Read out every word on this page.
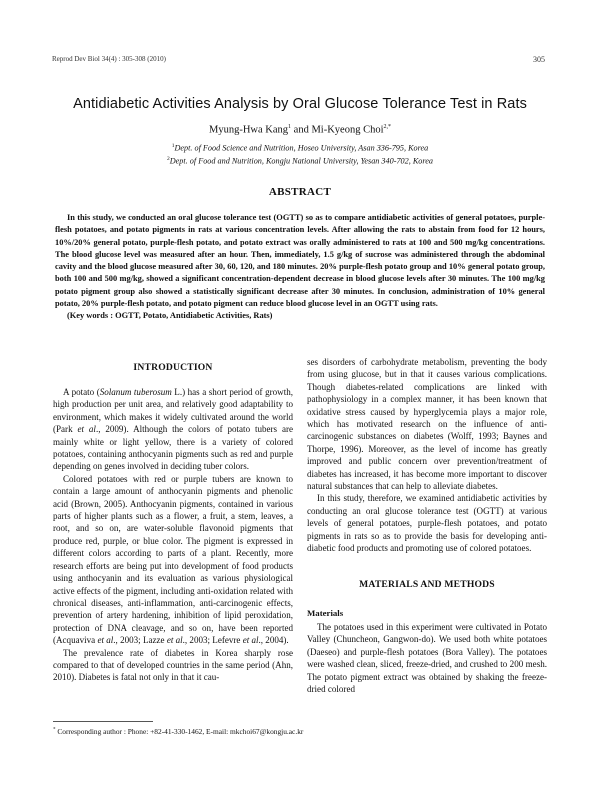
Reprod Dev Biol 34(4) : 305-308 (2010)	305
Antidiabetic Activities Analysis by Oral Glucose Tolerance Test in Rats
Myung-Hwa Kang$^1$ and Mi-Kyeong Choi$^{2,*}$
$^1$Dept. of Food Science and Nutrition, Hoseo University, Asan 336-795, Korea
$^2$Dept. of Food and Nutrition, Kongju National University, Yesan 340-702, Korea
ABSTRACT

In this study, we conducted an oral glucose tolerance test (OGTT) so as to compare antidiabetic activities of general potatoes, purple-flesh potatoes, and potato pigments in rats at various concentration levels. After allowing the rats to abstain from food for 12 hours, 10%/20% general potato, purple-flesh potato, and potato extract was orally administered to rats at 100 and 500 mg/kg concentrations. The blood glucose level was measured after an hour. Then, immediately, 1.5 g/kg of sucrose was administered through the abdominal cavity and the blood glucose measured after 30, 60, 120, and 180 minutes. 20% purple-flesh potato group and 10% general potato group, both 100 and 500 mg/kg, showed a significant concentration-dependent decrease in blood glucose levels after 30 minutes. The 100 mg/kg potato pigment group also showed a statistically significant decrease after 30 minutes. In conclusion, administration of 10% general potato, 20% purple-flesh potato, and potato pigment can reduce blood glucose level in an OGTT using rats.

(Key words : OGTT, Potato, Antidiabetic Activities, Rats)

INTRODUCTION

A potato (Solanum tuberosum L.) has a short period of growth, high production per unit area, and relatively good adaptability to environment, which makes it widely cultivated around the world (Park et al., 2009). Although the colors of potato tubers are mainly white or light yellow, there is a variety of colored potatoes, containing anthocyanin pigments such as red and purple depending on genes involved in deciding tuber colors.

Colored potatoes with red or purple tubers are known to contain a large amount of anthocyanin pigments and phenolic acid (Brown, 2005). Anthocyanin pigments, contained in various parts of higher plants such as a flower, a fruit, a stem, leaves, a root, and so on, are water-soluble flavonoid pigments that produce red, purple, or blue color. The pigment is expressed in different colors according to parts of a plant. Recently, more research efforts are being put into development of food products using anthocyanin and its evaluation as various physiological active effects of the pigment, including anti-oxidation related with chronical diseases, anti-inflammation, anti-carcinogenic effects, prevention of artery hardening, inhibition of lipid peroxidation, protection of DNA cleavage, and so on, have been reported (Acquaviva et al., 2003; Lazze et al., 2003; Lefevre et al., 2004).

The prevalence rate of diabetes in Korea sharply rose compared to that of developed countries in the same period (Ahn, 2010). Diabetes is fatal not only in that it cau-

ses disorders of carbohydrate metabolism, preventing the body from using glucose, but in that it causes various complications. Though diabetes-related complications are linked with pathophysiology in a complex manner, it has been known that oxidative stress caused by hyperglycemia plays a major role, which has motivated research on the influence of anti-carcinogenic substances on diabetes (Wolff, 1993; Baynes and Thorpe, 1996). Moreover, as the level of income has greatly improved and public concern over prevention/treatment of diabetes has increased, it has become more important to discover natural substances that can help to alleviate diabetes.

In this study, therefore, we examined antidiabetic activities by conducting an oral glucose tolerance test (OGTT) at various levels of general potatoes, purple-flesh potatoes, and potato pigments in rats so as to provide the basis for developing anti-diabetic food products and promoting use of colored potatoes.

MATERIALS AND METHODS
Materials

The potatoes used in this experiment were cultivated in Potato Valley (Chuncheon, Gangwon-do). We used both white potatoes (Daeseo) and purple-flesh potatoes (Bora Valley). The potatoes were washed clean, sliced, freeze-dried, and crushed to 200 mesh. The potato pigment extract was obtained by shaking the freeze-dried colored

* Corresponding author : Phone: +82-41-330-1462, E-mail: mkchoi67@kongju.ac.kr
